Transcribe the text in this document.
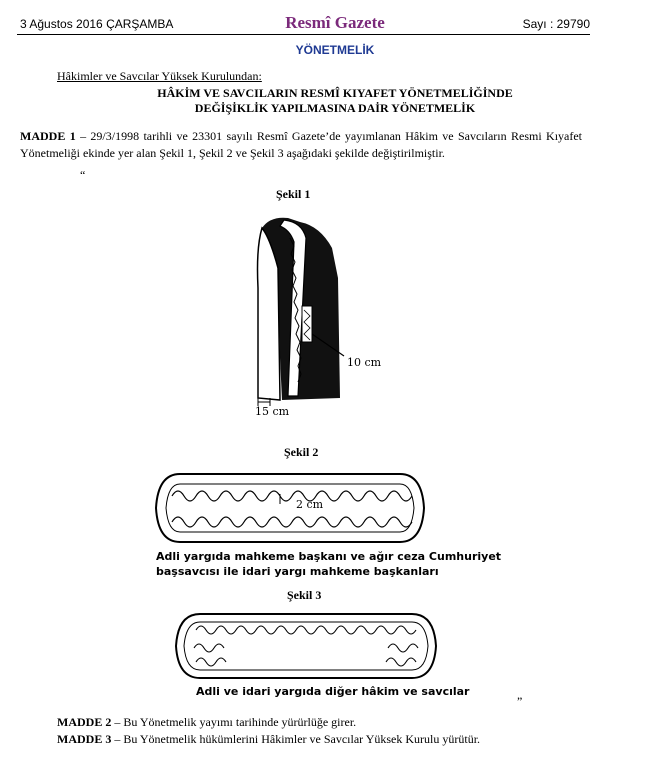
3 Ağustos 2016 ÇARŞAMBA	Resmî Gazete	Sayı : 29790
YÖNETMELİK
Hâkimler ve Savcılar Yüksek Kurulundan:
HÂKİM VE SAVCILARIN RESMÎ KIYAFET YÖNETMELİĞİNDE
DEĞİŞİKLİK YAPILMASINA DAİR YÖNETMELİK
MADDE 1 – 29/3/1998 tarihli ve 23301 sayılı Resmî Gazete’de yayımlanan Hâkim ve Savcıların Resmi Kıyafet Yönetmeliği ekinde yer alan Şekil 1, Şekil 2 ve Şekil 3 aşağıdaki şekilde değiştirilmiştir.
“
Şekil 1
10 cm
15 cm
Şekil 2
2 cm
Adli yargıda mahkeme başkanı ve ağır ceza Cumhuriyet
başsavcısı ile idari yargı mahkeme başkanları
Şekil 3
Adli ve idari yargıda diğer hâkim ve savcılar
”
MADDE 2 – Bu Yönetmelik yayımı tarihinde yürürlüğe girer.
MADDE 3 – Bu Yönetmelik hükümlerini Hâkimler ve Savcılar Yüksek Kurulu yürütür.
